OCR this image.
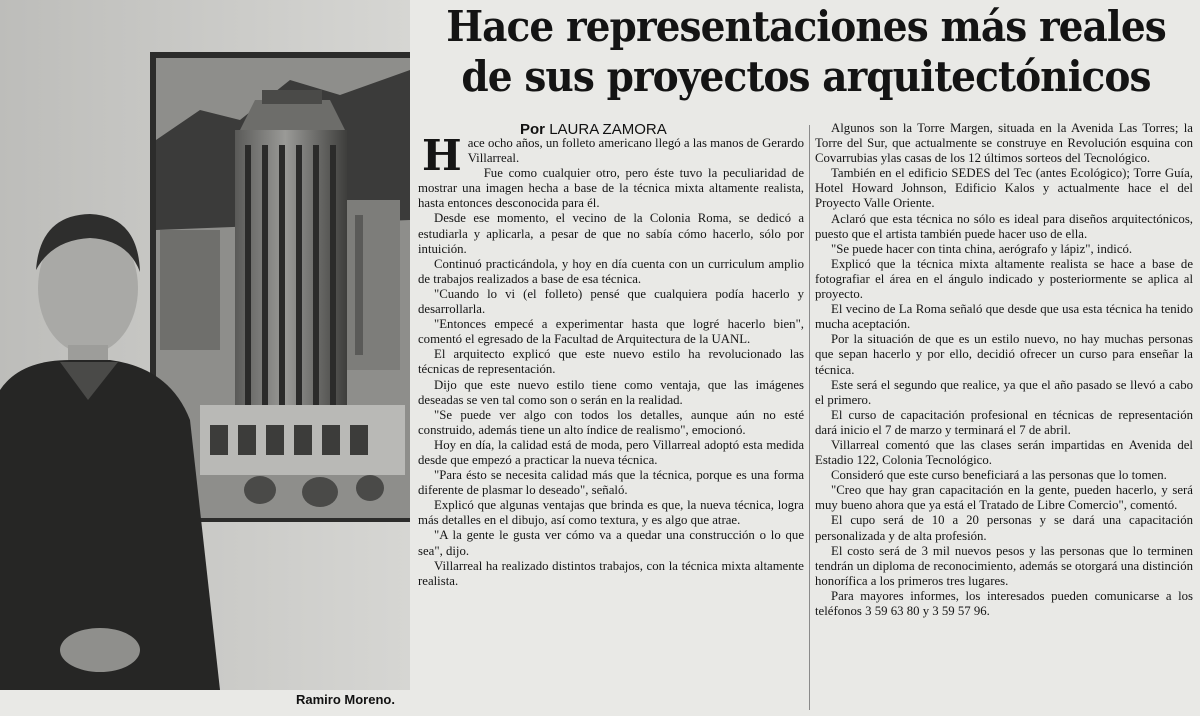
Ramiro Moreno.
Hace representaciones más reales
de sus proyectos arquitectónicos
Por LAURA ZAMORA

Hace ocho años, un folleto americano llegó a las manos de Gerardo Villarreal.

Fue como cualquier otro, pero éste tuvo la peculiaridad de mostrar una imagen hecha a base de la técnica mixta altamente realista, hasta entonces desconocida para él.

Desde ese momento, el vecino de la Colonia Roma, se dedicó a estudiarla y aplicarla, a pesar de que no sabía cómo hacerlo, sólo por intuición.

Continuó practicándola, y hoy en día cuenta con un curriculum amplio de trabajos realizados a base de esa técnica.

"Cuando lo vi (el folleto) pensé que cualquiera podía hacerlo y desarrollarla.

"Entonces empecé a experimentar hasta que logré hacerlo bien", comentó el egresado de la Facultad de Arquitectura de la UANL.

El arquitecto explicó que este nuevo estilo ha revolucionado las técnicas de representación.

Dijo que este nuevo estilo tiene como ventaja, que las imágenes deseadas se ven tal como son o serán en la realidad.

"Se puede ver algo con todos los detalles, aunque aún no esté construido, además tiene un alto índice de realismo", emocionó.

Hoy en día, la calidad está de moda, pero Villarreal adoptó esta medida desde que empezó a practicar la nueva técnica.

"Para ésto se necesita calidad más que la técnica, porque es una forma diferente de plasmar lo deseado", señaló.

Explicó que algunas ventajas que brinda es que, la nueva técnica, logra más detalles en el dibujo, así como textura, y es algo que atrae.

"A la gente le gusta ver cómo va a quedar una construcción o lo que sea", dijo.

Villarreal ha realizado distintos trabajos, con la técnica mixta altamente realista.

Algunos son la Torre Margen, situada en la Avenida Las Torres; la Torre del Sur, que actualmente se construye en Revolución esquina con Covarrubias ylas casas de los 12 últimos sorteos del Tecnológico.

También en el edificio SEDES del Tec (antes Ecológico); Torre Guía, Hotel Howard Johnson, Edificio Kalos y actualmente hace el del Proyecto Valle Oriente.

Aclaró que esta técnica no sólo es ideal para diseños arquitectónicos, puesto que el artista también puede hacer uso de ella.

"Se puede hacer con tinta china, aerógrafo y lápiz", indicó.

Explicó que la técnica mixta altamente realista se hace a base de fotografiar el área en el ángulo indicado y posteriormente se aplica al proyecto.

El vecino de La Roma señaló que desde que usa esta técnica ha tenido mucha aceptación.

Por la situación de que es un estilo nuevo, no hay muchas personas que sepan hacerlo y por ello, decidió ofrecer un curso para enseñar la técnica.

Este será el segundo que realice, ya que el año pasado se llevó a cabo el primero.

El curso de capacitación profesional en técnicas de representación dará inicio el 7 de marzo y terminará el 7 de abril.

Villarreal comentó que las clases serán impartidas en Avenida del Estadio 122, Colonia Tecnológico.

Consideró que este curso beneficiará a las personas que lo tomen.

"Creo que hay gran capacitación en la gente, pueden hacerlo, y será muy bueno ahora que ya está el Tratado de Libre Comercio", comentó.

El cupo será de 10 a 20 personas y se dará una capacitación personalizada y de alta profesión.

El costo será de 3 mil nuevos pesos y las personas que lo terminen tendrán un diploma de reconocimiento, además se otorgará una distinción honorífica a los primeros tres lugares.

Para mayores informes, los interesados pueden comunicarse a los teléfonos 3 59 63 80 y 3 59 57 96.
